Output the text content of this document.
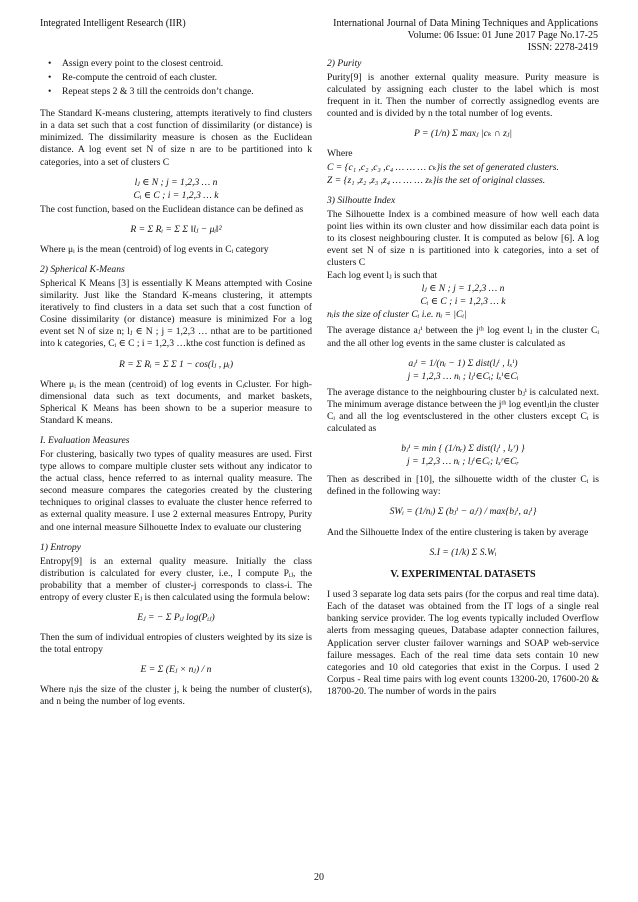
Integrated Intelligent Research (IIR)	International Journal of Data Mining Techniques and Applications
Volume: 06 Issue: 01 June 2017 Page No.17-25
ISSN: 2278-2419
• Assign every point to the closest centroid.
• Re-compute the centroid of each cluster.
• Repeat steps 2 & 3 till the centroids don’t change.

The Standard K-means clustering, attempts iteratively to find clusters in a data set such that a cost function of dissimilarity (or distance) is minimized. The dissimilarity measure is chosen as the Euclidean distance. A log event set N of size n are to be partitioned into k categories, into a set of clusters C

lⱼ ∈ N ; j = 1,2,3 … n
Cᵢ ∈ C ; i = 1,2,3 … k

The cost function, based on the Euclidean distance can be defined as

R = Σ Rᵢ = Σ Σ ‖lⱼ − μᵢ‖²

Where μᵢ is the mean (centroid) of log events in Cᵢ category

2) Spherical K-Means

Spherical K Means [3] is essentially K Means attempted with Cosine similarity. Just like the Standard K-means clustering, it attempts iteratively to find clusters in a data set such that a cost function of Cosine dissimilarity (or distance) measure is minimized For a log event set N of size n; lⱼ ∈ N ; j = 1,2,3 … nthat are to be partitioned into k categories, Cᵢ ∈ C ; i = 1,2,3 …kthe cost function is defined as

R = Σ Rᵢ = Σ Σ 1 − cos(lⱼ , μᵢ)

Where μᵢ is the mean (centroid) of log events in Cᵢcluster. For high-dimensional data such as text documents, and market baskets, Spherical K Means has been shown to be a superior measure to Standard K means.

I. Evaluation Measures

For clustering, basically two types of quality measures are used. First type allows to compare multiple cluster sets without any indicator to the actual class, hence referred to as internal quality measure. The second measure compares the categories created by the clustering techniques to original classes to evaluate the cluster hence referred to as external quality measure. I use 2 external measures Entropy, Purity and one internal measure Silhouette Index to evaluate our clustering

1) Entropy

Entropy[9] is an external quality measure. Initially the class distribution is calculated for every cluster, i.e., I compute Pᵢⱼ, the probability that a member of cluster-j corresponds to class-i. The entropy of every cluster Eⱼ is then calculated using the formula below:

Eⱼ = − Σ Pᵢⱼ log(Pᵢⱼ)

Then the sum of individual entropies of clusters weighted by its size is the total entropy

E = Σ (Eⱼ × nⱼ) / n

Where nⱼis the size of the cluster j, k being the number of cluster(s), and n being the number of log events.

2) Purity

Purity[9] is another external quality measure. Purity measure is calculated by assigning each cluster to the label which is most frequent in it. Then the number of correctly assignedlog events are counted and is divided by n the total number of log events.

P = (1/n) Σ maxⱼ |cₖ ∩ zⱼ|

Where

C = {c₁ ,c₂ ,c₃ ,c₄ … … … cₖ}is the set of generated clusters.
Z = {z₁ ,z₂ ,z₃ ,z₄ … … … zₖ}is the set of original classes.
3) Silhoutte Index

The Silhouette Index is a combined measure of how well each data point lies within its own cluster and how dissimilar each data point is to its closest neighbouring cluster. It is computed as below [6]. A log event set N of size n is partitioned into k categories, into a set of clusters C

Each log event lⱼ is such that

lⱼ ∈ N ; j = 1,2,3 … n
Cᵢ ∈ C ; i = 1,2,3 … k
nᵢis the size of cluster Cᵢ i.e. nᵢ = |Cᵢ|

The average distance aⱼⁱ between the jᵗʰ log event lⱼ in the cluster Cᵢ and the all other log events in the same cluster is calculated as

aⱼⁱ = 1/(nᵢ − 1) Σ dist(lⱼⁱ , lₓⁱ)
j = 1,2,3 … nᵢ ; lⱼⁱ∈Cᵢ; lₓⁱ∈Cᵢ

The average distance to the neighbouring cluster bⱼⁱ is calculated next. The minimum average distance between the jᵗʰ log eventlⱼin the cluster Cᵢ and all the log eventsclustered in the other clusters except Cᵢ is calculated as

bⱼⁱ = min { (1/nᵣ) Σ dist(lⱼⁱ , lₓʳ) }
j = 1,2,3 … nᵢ ; lⱼⁱ∈Cᵢ; lₓʳ∈Cᵣ

Then as described in [10], the silhouette width of the cluster Cᵢ is defined in the following way:

SWᵢ = (1/nᵢ) Σ (bⱼⁱ − aⱼⁱ) / max{bⱼⁱ, aⱼⁱ}

And the Silhouette Index of the entire clustering is taken by average

S.I = (1/k) Σ S.Wᵢ
V. EXPERIMENTAL DATASETS

I used 3 separate log data sets pairs (for the corpus and real time data). Each of the dataset was obtained from the IT logs of a single real banking service provider. The log events typically included Overflow alerts from messaging queues, Database adapter connection failures, Application server cluster failover warnings and SOAP web-service failure messages. Each of the real time data sets contain 10 new categories and 10 old categories that exist in the Corpus. I used 2 Corpus - Real time pairs with log event counts 13200-20, 17600-20 & 18700-20. The number of words in the pairs

20
